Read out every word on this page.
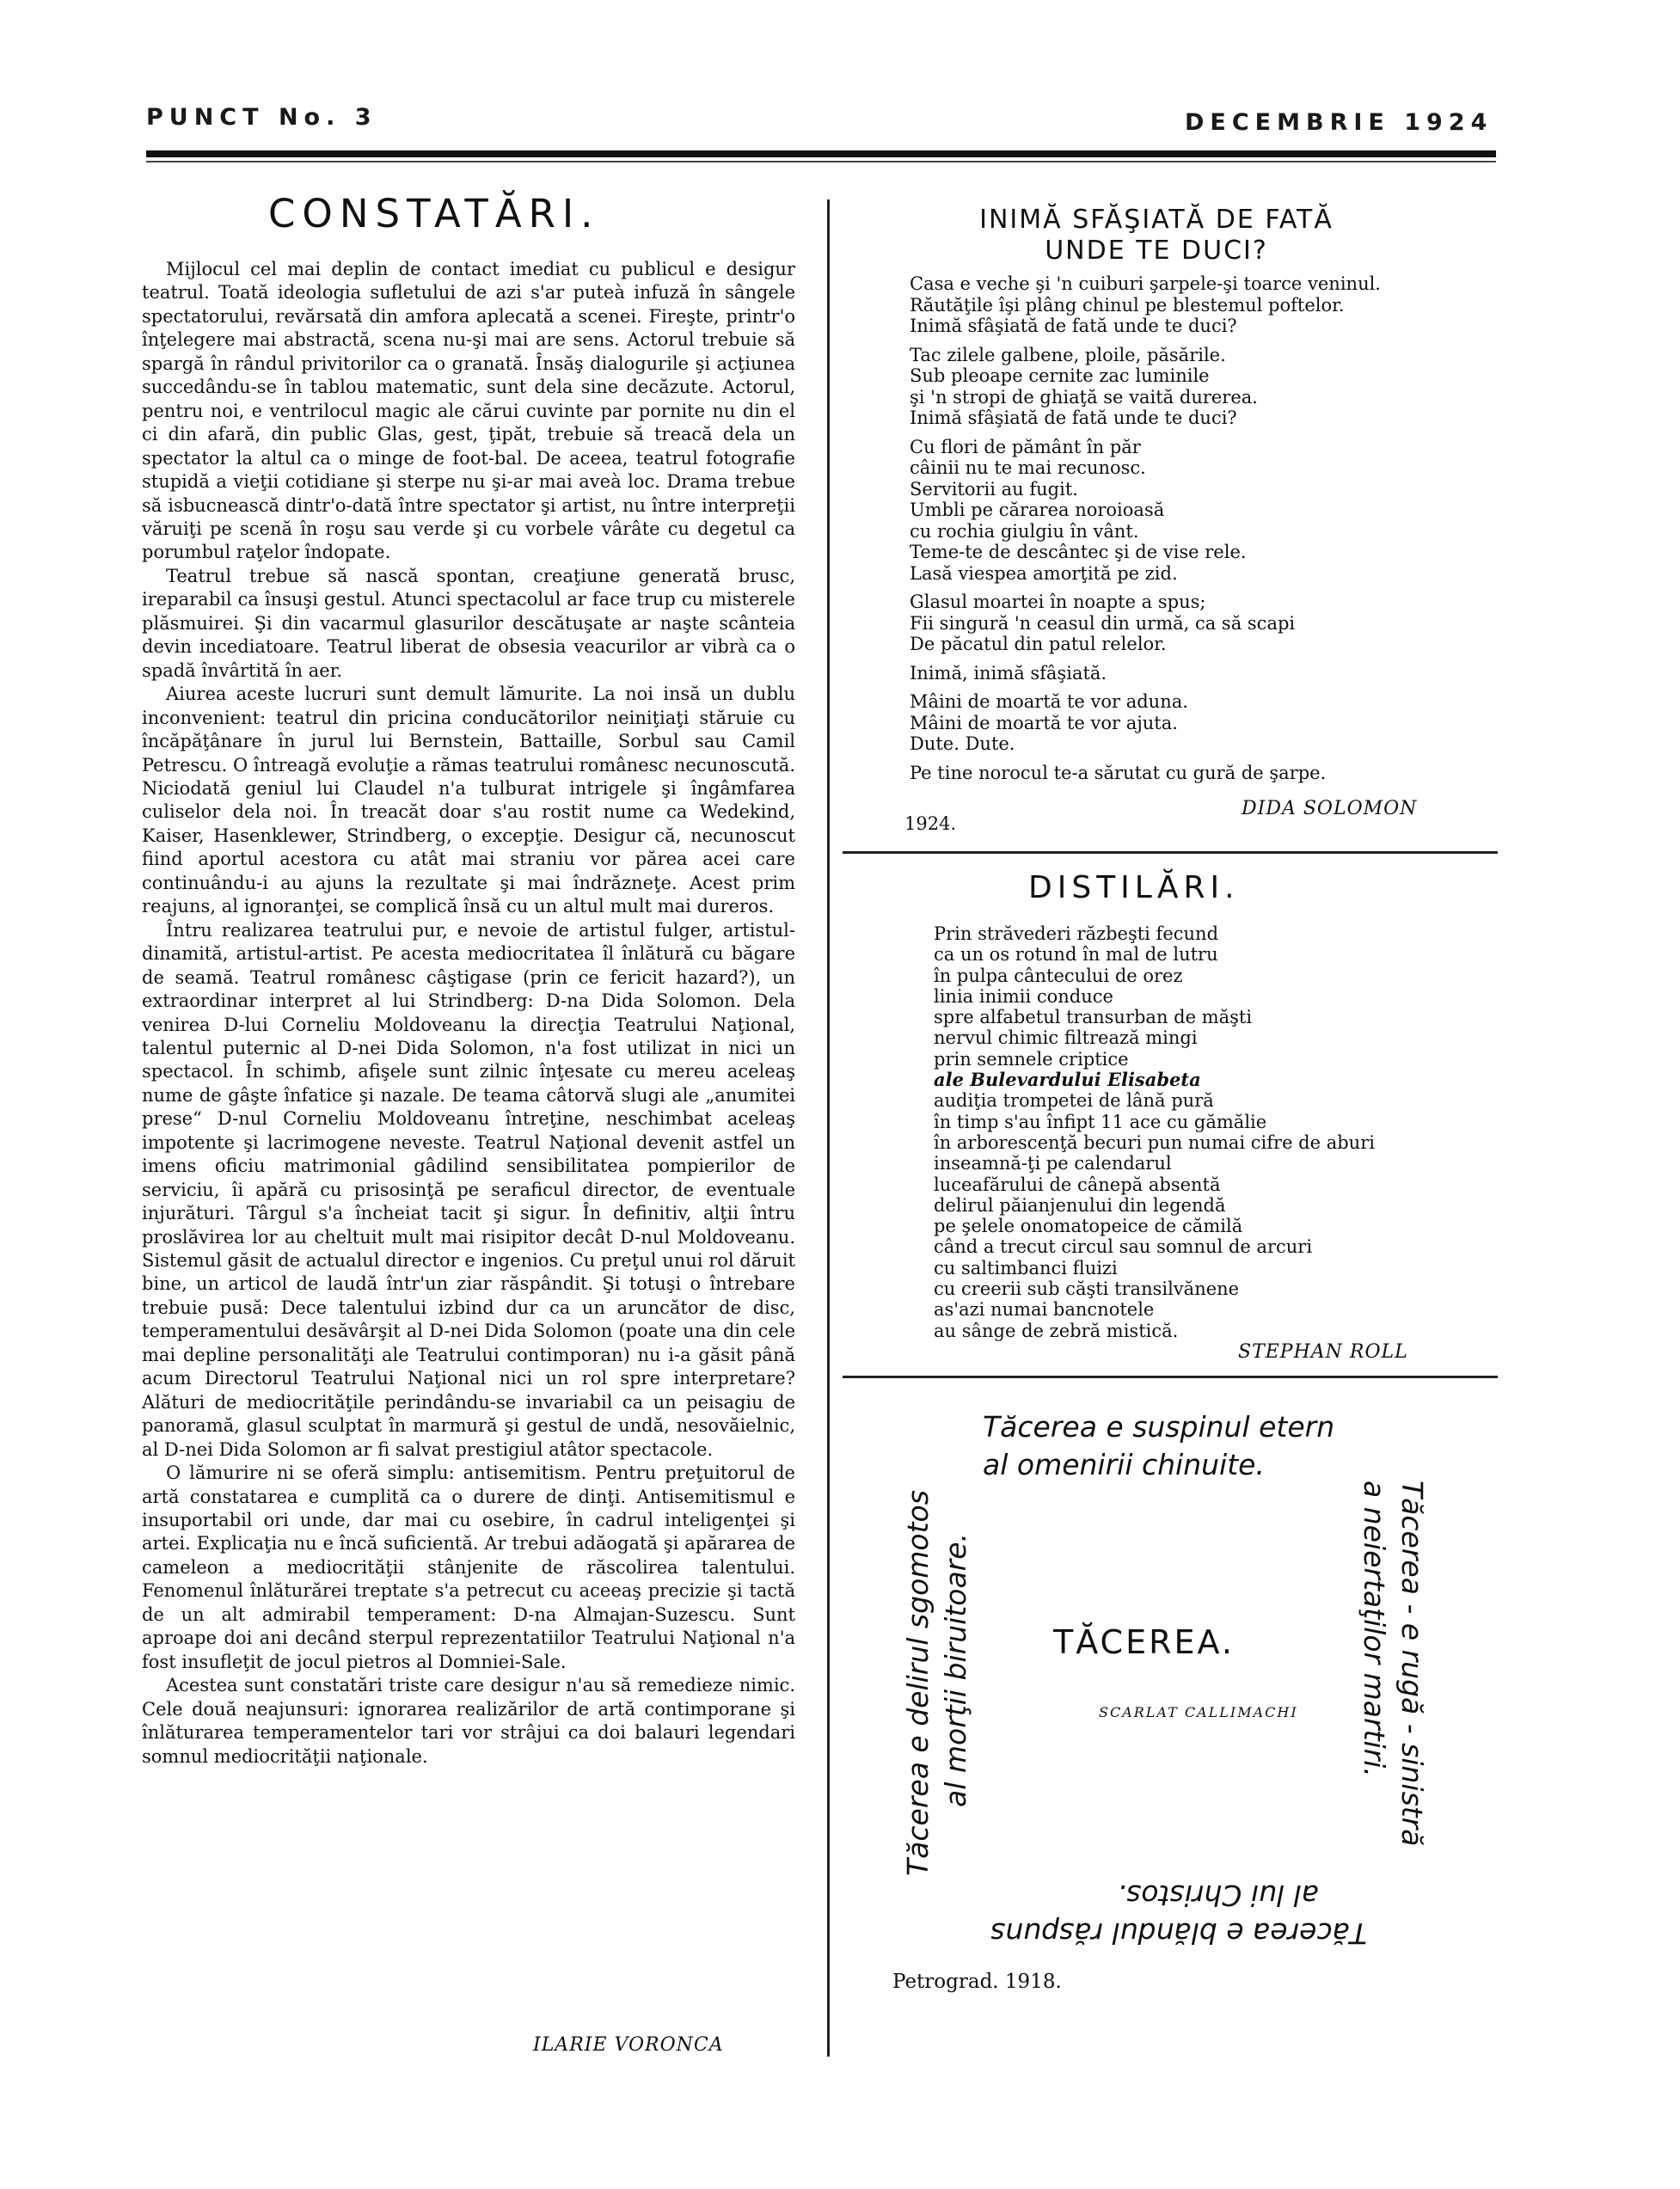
PUNCT No. 3	DECEMBRIE 1924
CONSTATĂRI.

Mijlocul cel mai deplin de contact imediat cu publicul e desigur teatrul. Toată ideologia sufletului de azi s'ar puteà infuză în sângele spectatorului, revărsată din amfora aplecată a scenei. Fireşte, printr'o înţelegere mai abstractă, scena nu-şi mai are sens. Actorul trebuie să spargă în rândul privitorilor ca o granată. Însăş dialogurile şi acţiunea succedându-se în tablou matematic, sunt dela sine decăzute. Actorul, pentru noi, e ventrilocul magic ale cărui cuvinte par pornite nu din el ci din afară, din public Glas, gest, ţipăt, trebuie să treacă dela un spectator la altul ca o minge de foot-bal. De aceea, teatrul fotografie stupidă a vieţii cotidiane şi sterpe nu şi-ar mai aveà loc. Drama trebue să isbucnească dintr'o-dată între spectator şi artist, nu între interpreţii văruiţi pe scenă în roşu sau verde şi cu vorbele vârâte cu degetul ca porumbul raţelor îndopate.

Teatrul trebue să nască spontan, creaţiune generată brusc, ireparabil ca însuşi gestul. Atunci spectacolul ar face trup cu misterele plăsmuirei. Şi din vacarmul glasurilor descătuşate ar naşte scânteia devin incediatoare. Teatrul liberat de obsesia veacurilor ar vibrà ca o spadă învârtită în aer.

Aiurea aceste lucruri sunt demult lămurite. La noi insă un dublu inconvenient: teatrul din pricina conducătorilor neiniţiaţi stăruie cu încăpăţânare în jurul lui Bernstein, Battaille, Sorbul sau Camil Petrescu. O întreagă evoluţie a rămas teatrului românesc necunoscută. Niciodată geniul lui Claudel n'a tulburat intrigele şi îngâmfarea culiselor dela noi. În treacăt doar s'au rostit nume ca Wedekind, Kaiser, Hasenklewer, Strindberg, o excepţie. Desigur că, necunoscut fiind aportul acestora cu atât mai straniu vor părea acei care continuându-i au ajuns la rezultate şi mai îndrăzneţe. Acest prim reajuns, al ignoranţei, se complică însă cu un altul mult mai dureros.

Întru realizarea teatrului pur, e nevoie de artistul fulger, artistul-dinamită, artistul-artist. Pe acesta mediocritatea îl înlătură cu băgare de seamă. Teatrul românesc câştigase (prin ce fericit hazard?), un extraordinar interpret al lui Strindberg: D-na Dida Solomon. Dela venirea D-lui Corneliu Moldoveanu la direcţia Teatrului Naţional, talentul puternic al D-nei Dida Solomon, n'a fost utilizat in nici un spectacol. În schimb, afişele sunt zilnic înţesate cu mereu aceleaş nume de gâşte înfatice şi nazale. De teama câtorvă slugi ale „anumitei prese“ D-nul Corneliu Moldoveanu întreţine, neschimbat aceleaş impotente şi lacrimogene neveste. Teatrul Naţional devenit astfel un imens oficiu matrimonial gâdilind sensibilitatea pompierilor de serviciu, îi apără cu prisosinţă pe seraficul director, de eventuale injurături. Târgul s'a încheiat tacit şi sigur. În definitiv, alţii întru proslăvirea lor au cheltuit mult mai risipitor decât D-nul Moldoveanu. Sistemul găsit de actualul director e ingenios. Cu preţul unui rol dăruit bine, un articol de laudă într'un ziar răspândit. Şi totuşi o întrebare trebuie pusă: Dece talentului izbind dur ca un aruncător de disc, temperamentului desăvârşit al D-nei Dida Solomon (poate una din cele mai depline personalităţi ale Teatrului contimporan) nu i-a găsit până acum Directorul Teatrului Naţional nici un rol spre interpretare? Alături de mediocrităţile perindându-se invariabil ca un peisagiu de panoramă, glasul sculptat în marmură şi gestul de undă, nesovăielnic, al D-nei Dida Solomon ar fi salvat prestigiul atâtor spectacole.

O lămurire ni se oferă simplu: antisemitism. Pentru preţuitorul de artă constatarea e cumplită ca o durere de dinţi. Antisemitismul e insuportabil ori unde, dar mai cu osebire, în cadrul inteligenţei şi artei. Explicaţia nu e încă suficientă. Ar trebui adăogată şi apărarea de cameleon a mediocrităţii stânjenite de răscolirea talentului. Fenomenul înlăturărei treptate s'a petrecut cu aceeaş precizie şi tactă de un alt admirabil temperament: D-na Almajan-Suzescu. Sunt aproape doi ani decând sterpul reprezentatiilor Teatrului Naţional n'a fost insufleţit de jocul pietros al Domniei-Sale.

Acestea sunt constatări triste care desigur n'au să remedieze nimic. Cele două neajunsuri: ignorarea realizărilor de artă contimporane şi înlăturarea temperamentelor tari vor strâjui ca doi balauri legendari somnul mediocrităţii naţionale.

ILARIE VORONCA
INIMĂ SFĂŞIATĂ DE FATĂ
UNDE TE DUCI?
Casa e veche şi 'n cuiburi şarpele-şi toarce veninul.
Răutăţile îşi plâng chinul pe blestemul poftelor.
Inimă sfâşiată de fată unde te duci?
Tac zilele galbene, ploile, păsările.
Sub pleoape cernite zac luminile
şi 'n stropi de ghiaţă se vaită durerea.
Inimă sfâşiată de fată unde te duci?
Cu flori de pământ în păr
câinii nu te mai recunosc.
Servitorii au fugit.
Umbli pe cărarea noroioasă
cu rochia giulgiu în vânt.
Teme-te de descântec şi de vise rele.
Lasă viespea amorţită pe zid.
Glasul moartei în noapte a spus;
Fii singură 'n ceasul din urmă, ca să scapi
De păcatul din patul relelor.
Inimă, inimă sfâşiată.
Mâini de moartă te vor aduna.
Mâini de moartă te vor ajuta.
Dute. Dute.
Pe tine norocul te-a sărutat cu gură de şarpe.
1924.
DIDA SOLOMON
DISTILĂRI.
Prin străvederi răzbeşti fecund
ca un os rotund în mal de lutru
în pulpa cântecului de orez
linia inimii conduce
spre alfabetul transurban de măşti
nervul chimic filtrează mingi
prin semnele criptice
ale Bulevardului Elisabeta
audiţia trompetei de lână pură
în timp s'au înfipt 11 ace cu gămălie
în arborescenţă becuri pun numai cifre de aburi
inseamnă-ţi pe calendarul
luceafărului de cânepă absentă
delirul păianjenului din legendă
pe şelele onomatopeice de cămilă
când a trecut circul sau somnul de arcuri
cu saltimbanci fluizi
cu creerii sub căşti transilvănene
as'azi numai bancnotele
au sânge de zebră mistică.
STEPHAN ROLL
Tăcerea e suspinul etern
al omenirii chinuite.
Tăcerea e delirul sgomotos al morţii biruitoare.	Tăcerea - e rugă - sinistră
a neiertaţilor martiri.
TĂCEREA.
SCARLAT CALLIMACHI
Tăcerea e blăndul răspuns
al lui Christos.
Petrograd. 1918.
